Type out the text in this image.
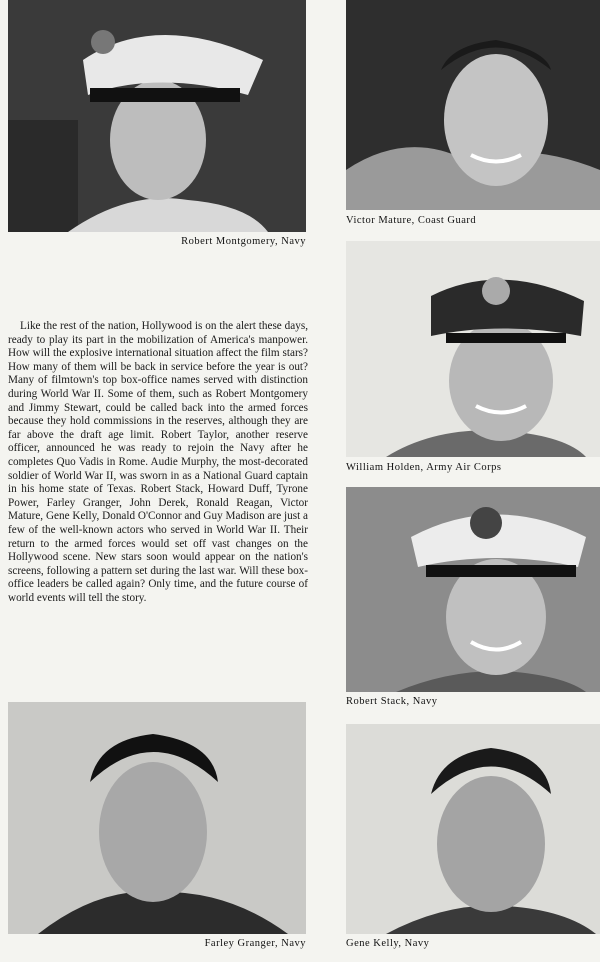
Robert Montgomery, Navy
Victor Mature, Coast Guard
William Holden, Army Air Corps
Robert Stack, Navy

Like the rest of the nation, Hollywood is on the alert these days, ready to play its part in the mobilization of America's manpower. How will the explosive international situation affect the film stars? How many of them will be back in service before the year is out? Many of filmtown's top box-office names served with distinction during World War II. Some of them, such as Robert Montgomery and Jimmy Stewart, could be called back into the armed forces because they hold commissions in the reserves, although they are far above the draft age limit. Robert Taylor, another reserve officer, announced he was ready to rejoin the Navy after he completes Quo Vadis in Rome. Audie Murphy, the most-decorated soldier of World War II, was sworn in as a National Guard captain in his home state of Texas. Robert Stack, Howard Duff, Tyrone Power, Farley Granger, John Derek, Ronald Reagan, Victor Mature, Gene Kelly, Donald O'Connor and Guy Madison are just a few of the well-known actors who served in World War II. Their return to the armed forces would set off vast changes on the Hollywood scene. New stars soon would appear on the nation's screens, following a pattern set during the last war. Will these box-office leaders be called again? Only time, and the future course of world events will tell the story.

Farley Granger, Navy	Gene Kelly, Navy
